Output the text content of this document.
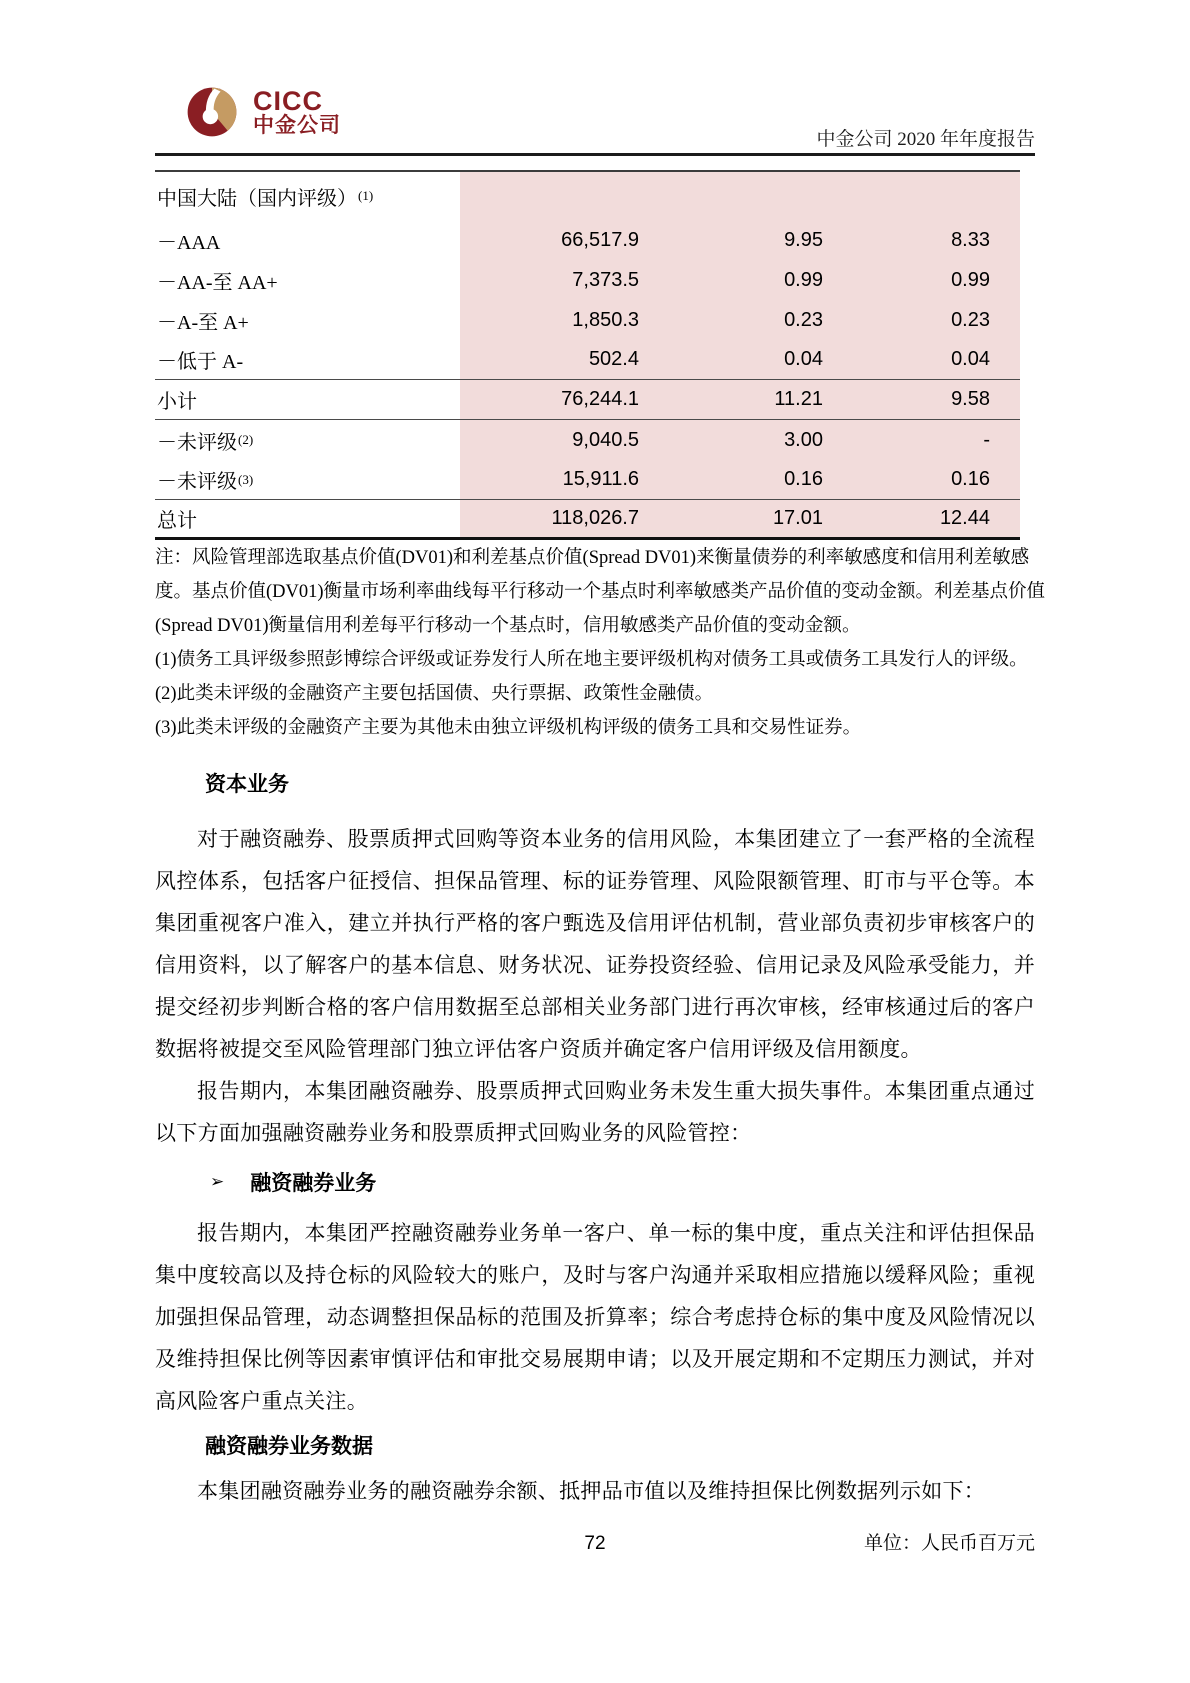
CICC
中金公司
中金公司 2020 年年度报告
中国大陆（国内评级） (1)
－AAA	66,517.9	9.95	8.33
－AA-至 AA+	7,373.5	0.99	0.99
－A-至 A+	1,850.3	0.23	0.23
－低于 A-	502.4	0.04	0.04
小计	76,244.1	11.21	9.58
－未评级 (2)	9,040.5	3.00	-
－未评级 (3)	15,911.6	0.16	0.16
总计	118,026.7	17.01	12.44

注：风险管理部选取基点价值(DV01)和利差基点价值(Spread DV01)来衡量债券的利率敏感度和信用利差敏感度。基点价值(DV01)衡量市场利率曲线每平行移动一个基点时利率敏感类产品价值的变动金额。利差基点价值(Spread DV01)衡量信用利差每平行移动一个基点时，信用敏感类产品价值的变动金额。

(1)债务工具评级参照彭博综合评级或证券发行人所在地主要评级机构对债务工具或债务工具发行人的评级。

(2)此类未评级的金融资产主要包括国债、央行票据、政策性金融债。

(3)此类未评级的金融资产主要为其他未由独立评级机构评级的债务工具和交易性证券。

资本业务

对于融资融券、股票质押式回购等资本业务的信用风险，本集团建立了一套严格的全流程风控体系，包括客户征授信、担保品管理、标的证券管理、风险限额管理、盯市与平仓等。本集团重视客户准入，建立并执行严格的客户甄选及信用评估机制，营业部负责初步审核客户的信用资料，以了解客户的基本信息、财务状况、证券投资经验、信用记录及风险承受能力，并提交经初步判断合格的客户信用数据至总部相关业务部门进行再次审核，经审核通过后的客户数据将被提交至风险管理部门独立评估客户资质并确定客户信用评级及信用额度。

报告期内，本集团融资融券、股票质押式回购业务未发生重大损失事件。本集团重点通过以下方面加强融资融券业务和股票质押式回购业务的风险管控：

➢ 融资融券业务

报告期内，本集团严控融资融券业务单一客户、单一标的集中度，重点关注和评估担保品集中度较高以及持仓标的风险较大的账户，及时与客户沟通并采取相应措施以缓释风险；重视加强担保品管理，动态调整担保品标的范围及折算率；综合考虑持仓标的集中度及风险情况以及维持担保比例等因素审慎评估和审批交易展期申请；以及开展定期和不定期压力测试，并对高风险客户重点关注。

融资融券业务数据

本集团融资融券业务的融资融券余额、抵押品市值以及维持担保比例数据列示如下：

单位：人民币百万元
72
